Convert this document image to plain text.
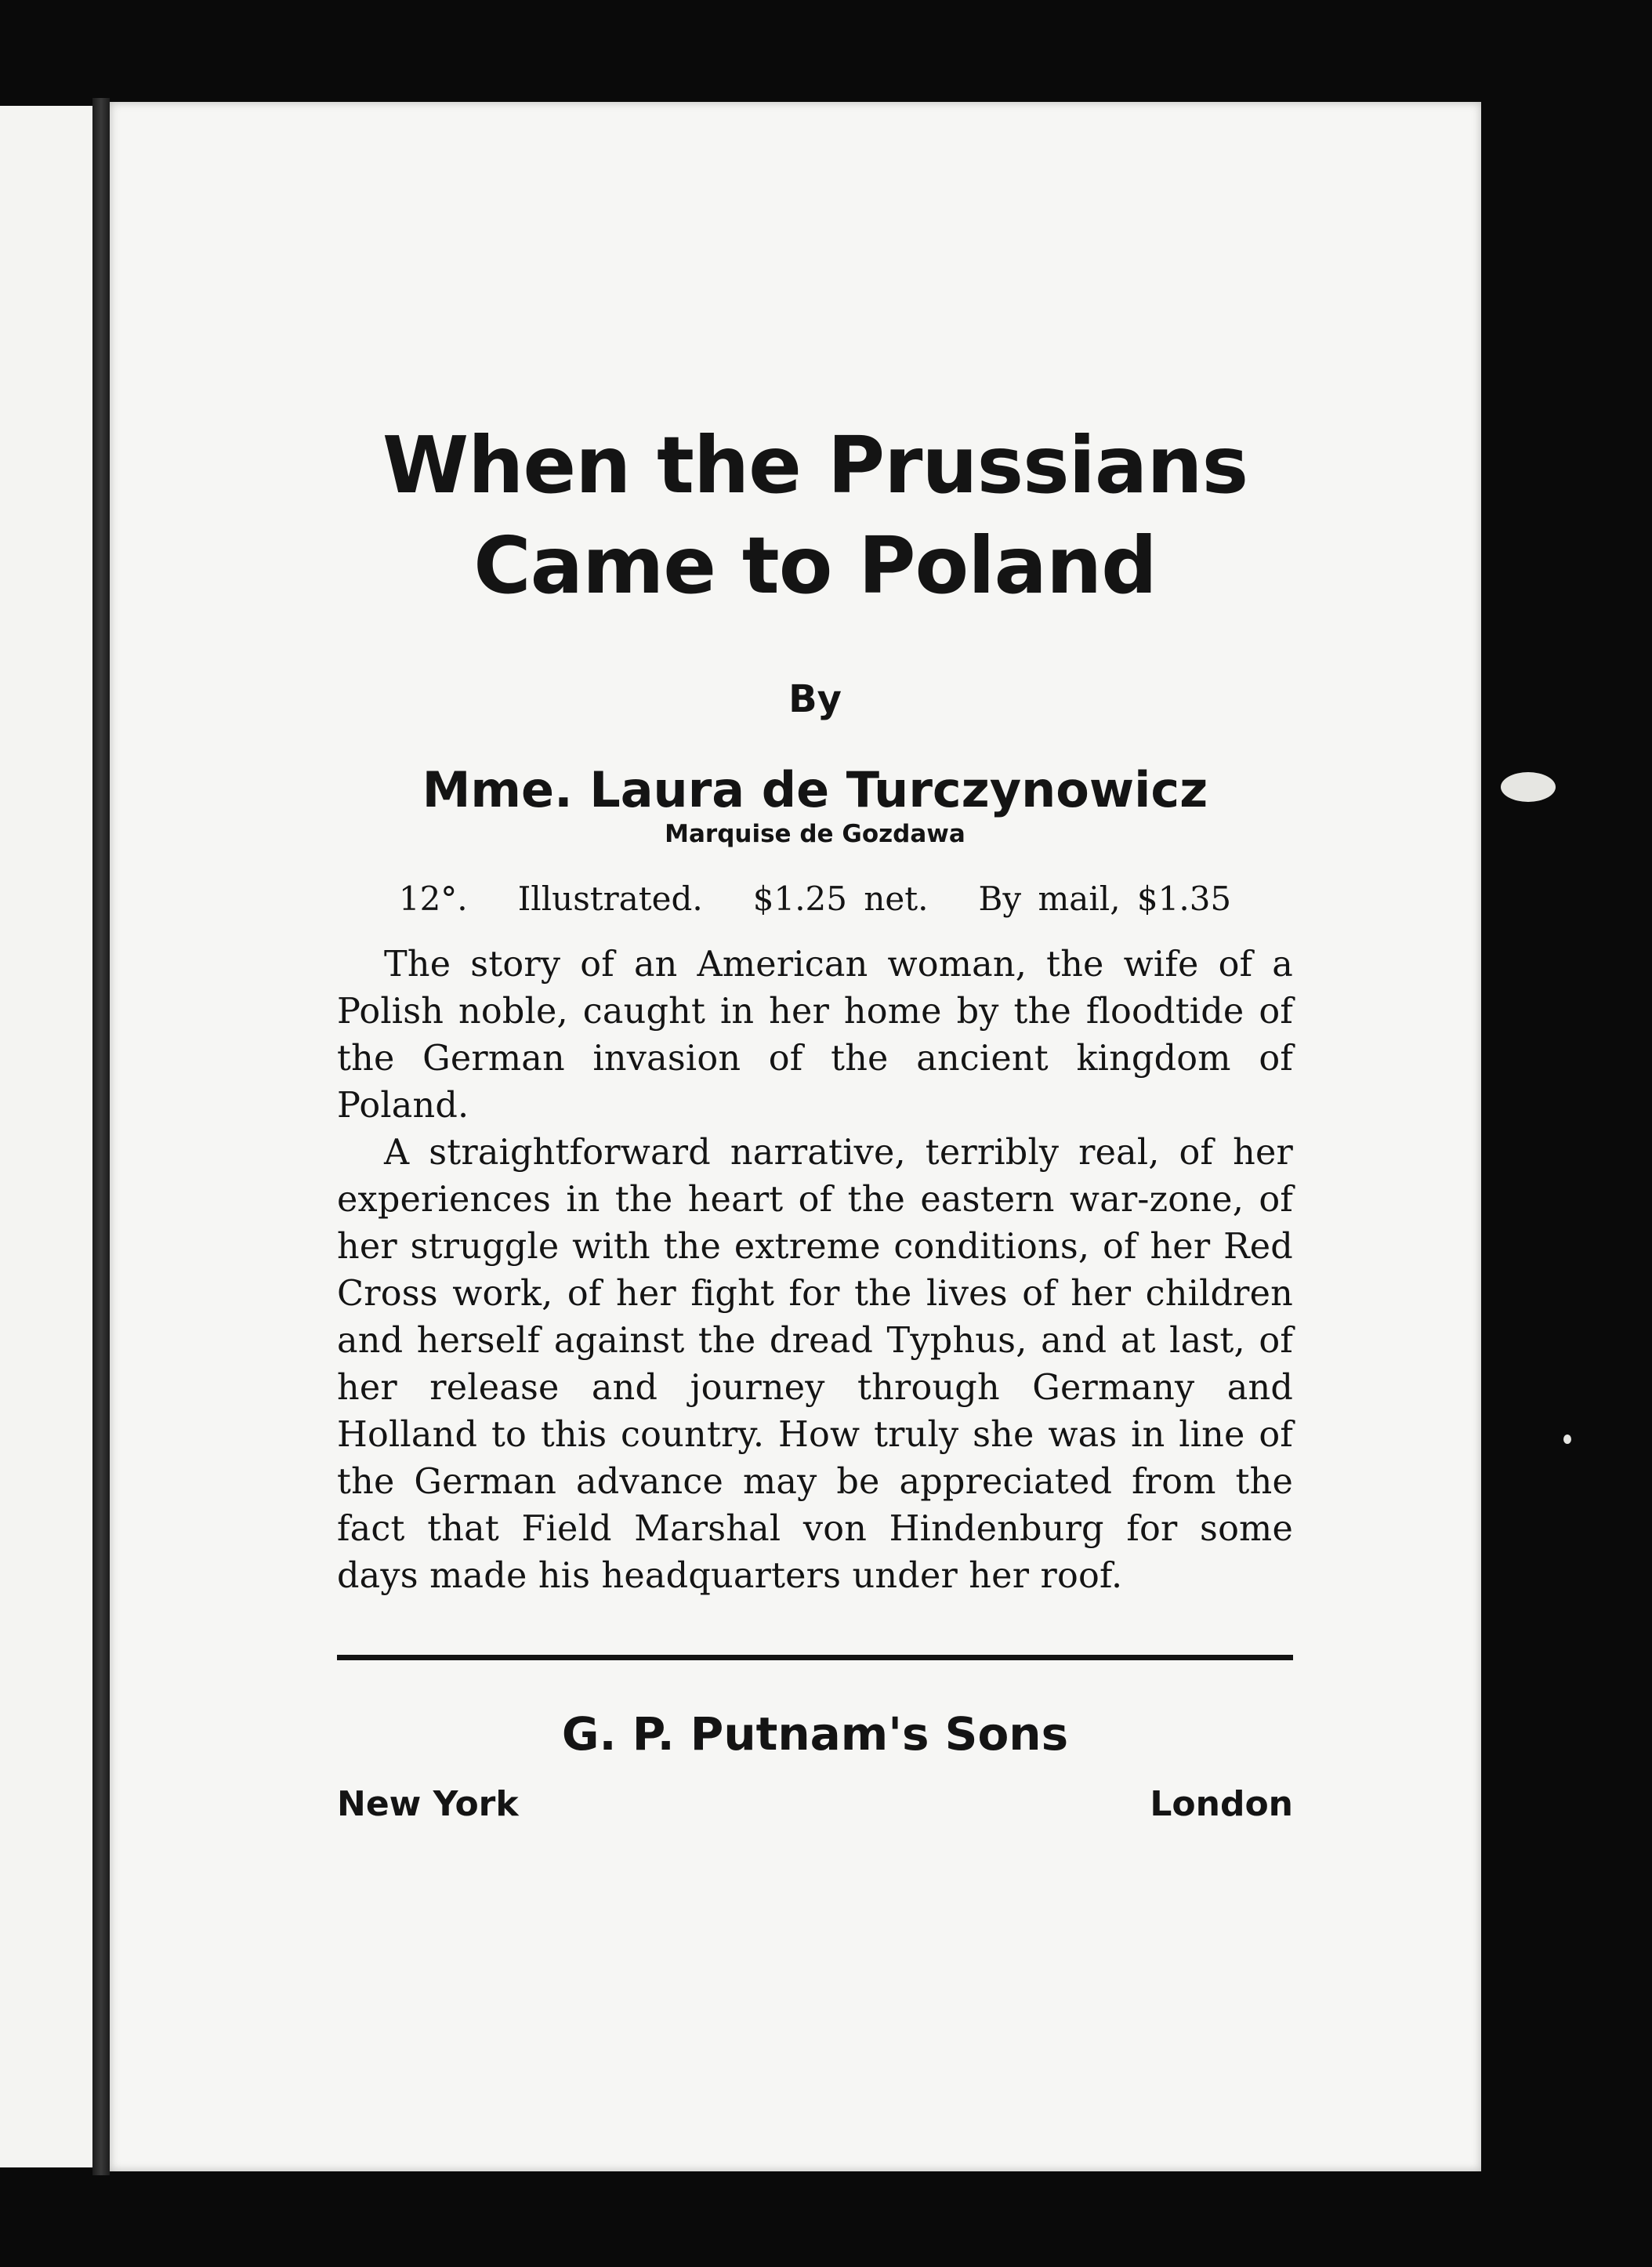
When the Prussians
Came to Poland
By
Mme. Laura de Turczynowicz
Marquise de Gozdawa
12°.   Illustrated.   $1.25 net.   By mail, $1.35

The story of an American woman, the wife of a Polish noble, caught in her home by the floodtide of the German invasion of the ancient kingdom of Poland.

A straightforward narrative, terribly real, of her experiences in the heart of the eastern war-zone, of her struggle with the extreme conditions, of her Red Cross work, of her fight for the lives of her children and herself against the dread Typhus, and at last, of her release and journey through Germany and Holland to this country. How truly she was in line of the German advance may be appreciated from the fact that Field Marshal von Hindenburg for some days made his headquarters under her roof.

G. P. Putnam's Sons
New York	London
